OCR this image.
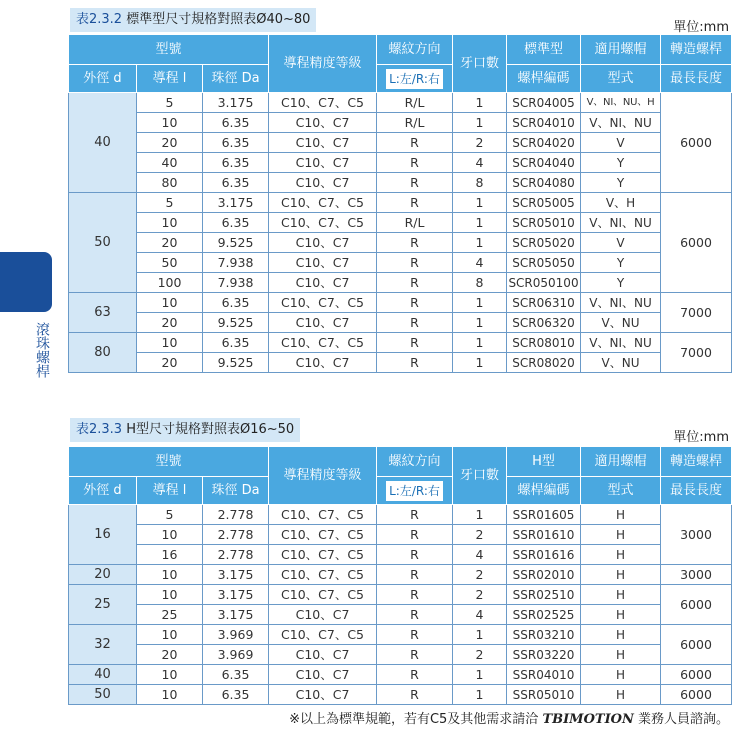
滾珠螺桿
表2.3.2 標準型尺寸規格對照表Ø40~80
單位:mm
型號			導程精度等級	螺紋方向	牙口數	標準型	適用螺帽	轉造螺桿
外徑 d	導程 l	珠徑 Da		L:左/R:右		螺桿編碼	型式	最長長度
40	5	3.175	C10、C7、C5	R/L	1	SCR04005	V、NI、NU、H	6000
	10	6.35	C10、C7	R/L	1	SCR04010	V、NI、NU	
	20	6.35	C10、C7	R	2	SCR04020	V	
	40	6.35	C10、C7	R	4	SCR04040	Y	
	80	6.35	C10、C7	R	8	SCR04080	Y	
50	5	3.175	C10、C7、C5	R	1	SCR05005	V、H	6000
	10	6.35	C10、C7、C5	R/L	1	SCR05010	V、NI、NU	
	20	9.525	C10、C7	R	1	SCR05020	V	
	50	7.938	C10、C7	R	4	SCR05050	Y	
	100	7.938	C10、C7	R	8	SCR050100	Y	
63	10	6.35	C10、C7、C5	R	1	SCR06310	V、NI、NU	7000
	20	9.525	C10、C7	R	1	SCR06320	V、NU	
80	10	6.35	C10、C7、C5	R	1	SCR08010	V、NI、NU	7000
	20	9.525	C10、C7	R	1	SCR08020	V、NU	
表2.3.3 H型尺寸規格對照表Ø16~50
單位:mm
型號			導程精度等級	螺紋方向	牙口數	H型	適用螺帽	轉造螺桿
外徑 d	導程 l	珠徑 Da		L:左/R:右		螺桿編碼	型式	最長長度
16	5	2.778	C10、C7、C5	R	1	SSR01605	H	3000
	10	2.778	C10、C7、C5	R	2	SSR01610	H	
	16	2.778	C10、C7、C5	R	4	SSR01616	H	
20	10	3.175	C10、C7、C5	R	2	SSR02010	H	3000
25	10	3.175	C10、C7、C5	R	2	SSR02510	H	6000
	25	3.175	C10、C7	R	4	SSR02525	H	
32	10	3.969	C10、C7、C5	R	1	SSR03210	H	6000
	20	3.969	C10、C7	R	2	SSR03220	H	
40	10	6.35	C10、C7	R	1	SSR04010	H	6000
50	10	6.35	C10、C7	R	1	SSR05010	H	6000
※以上為標準規範，若有C5及其他需求請洽 TBIMOTION 業務人員諮詢。
